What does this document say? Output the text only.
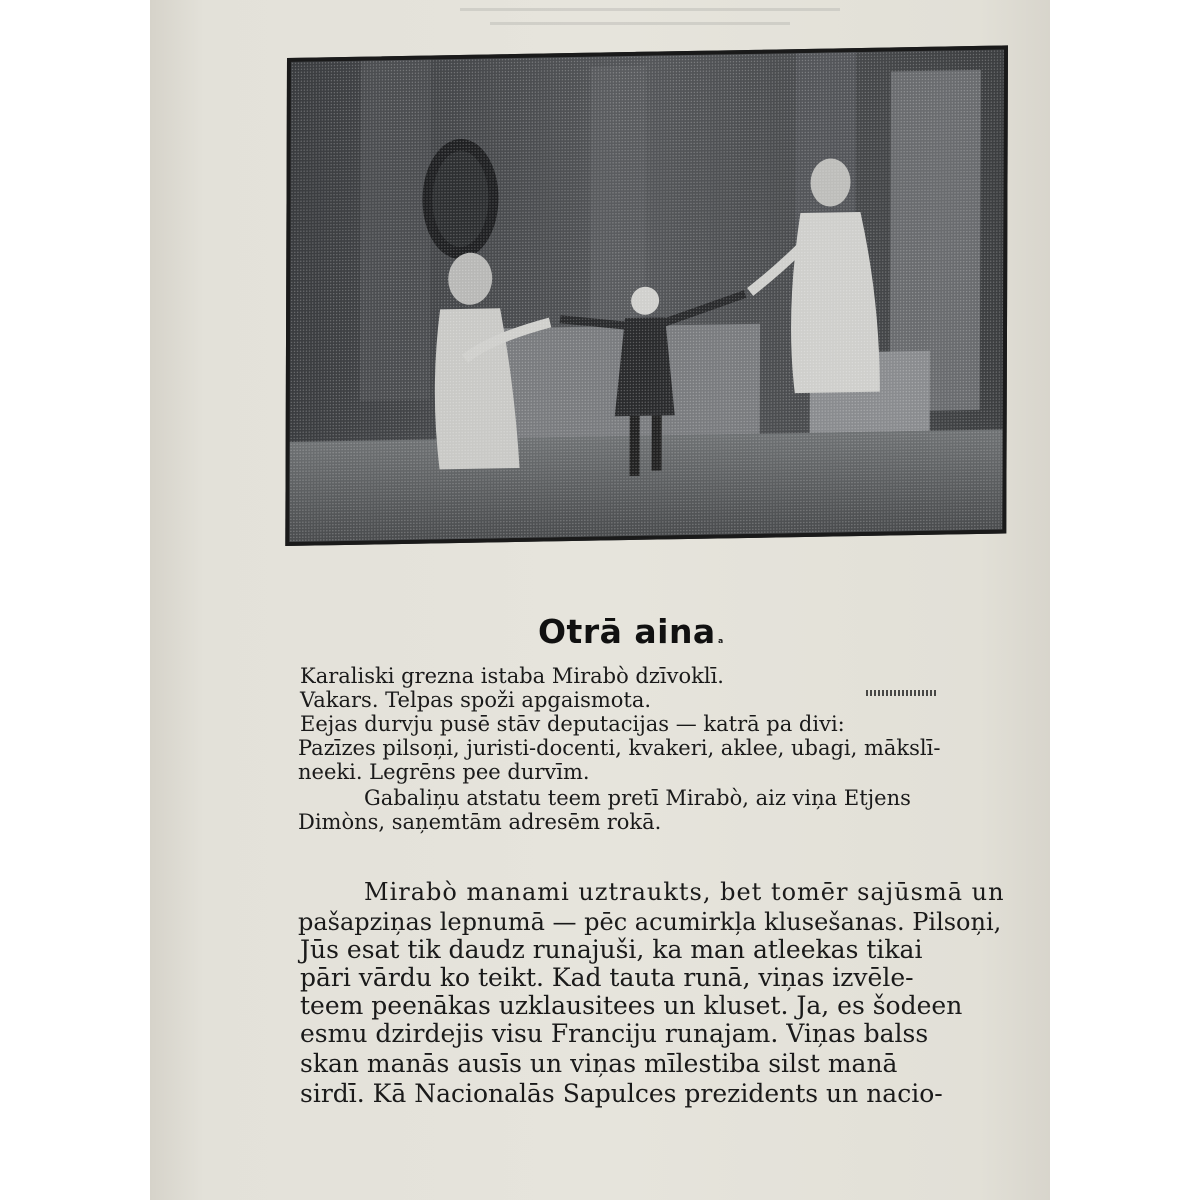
Otrā aina ₐ

Karaliski grezna istaba Mirabò dzīvoklī.

Vakars. Telpas spoži apgaismota.

Eejas durvju pusē stāv deputacijas — katrā pa divi:

Pazīzes pilsoņi, juristi-docenti, kvakeri, aklee, ubagi, mākslī-

neeki. Legrēns pee durvīm.

Gabaliņu atstatu teem pretī Mirabò, aiz viņa Etjens

Dimòns, saņemtām adresēm rokā.

Mirabò manami uztraukts, bet tomēr sajūsmā un

pašapziņas lepnumā — pēc acumirkļa klusešanas. Pilsoņi,

Jūs esat tik daudz runajuši, ka man atleekas tikai

pāri vārdu ko teikt. Kad tauta runā, viņas izvēle-

teem peenākas uzklausitees un kluset. Ja, es šodeen

esmu dzirdejis visu Franciju runajam. Viņas balss

skan manās ausīs un viņas mīlestiba silst manā

sirdī. Kā Nacionalās Sapulces prezidents un nacio-
